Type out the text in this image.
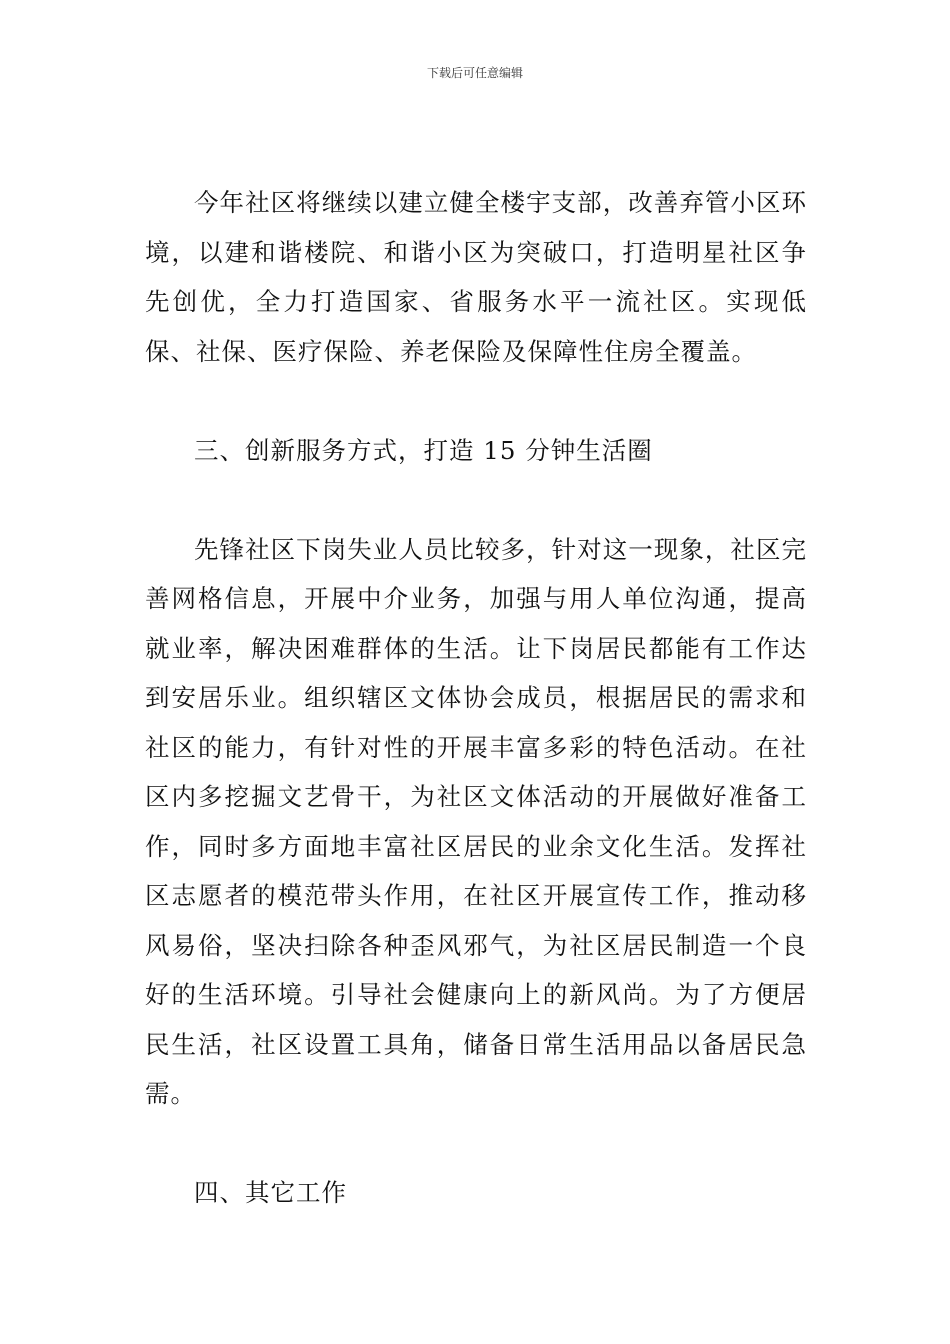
下载后可任意编辑

今年社区将继续以建立健全楼宇支部，改善弃管小区环境，以建和谐楼院、和谐小区为突破口，打造明星社区争先创优，全力打造国家、省服务水平一流社区。实现低保、社保、医疗保险、养老保险及保障性住房全覆盖。

三、创新服务方式，打造 15 分钟生活圈

先锋社区下岗失业人员比较多，针对这一现象，社区完善网格信息，开展中介业务，加强与用人单位沟通，提高就业率，解决困难群体的生活。让下岗居民都能有工作达到安居乐业。组织辖区文体协会成员，根据居民的需求和社区的能力，有针对性的开展丰富多彩的特色活动。在社区内多挖掘文艺骨干，为社区文体活动的开展做好准备工作，同时多方面地丰富社区居民的业余文化生活。发挥社区志愿者的模范带头作用，在社区开展宣传工作，推动移风易俗，坚决扫除各种歪风邪气，为社区居民制造一个良好的生活环境。引导社会健康向上的新风尚。为了方便居民生活，社区设置工具角，储备日常生活用品以备居民急需。

四、其它工作
